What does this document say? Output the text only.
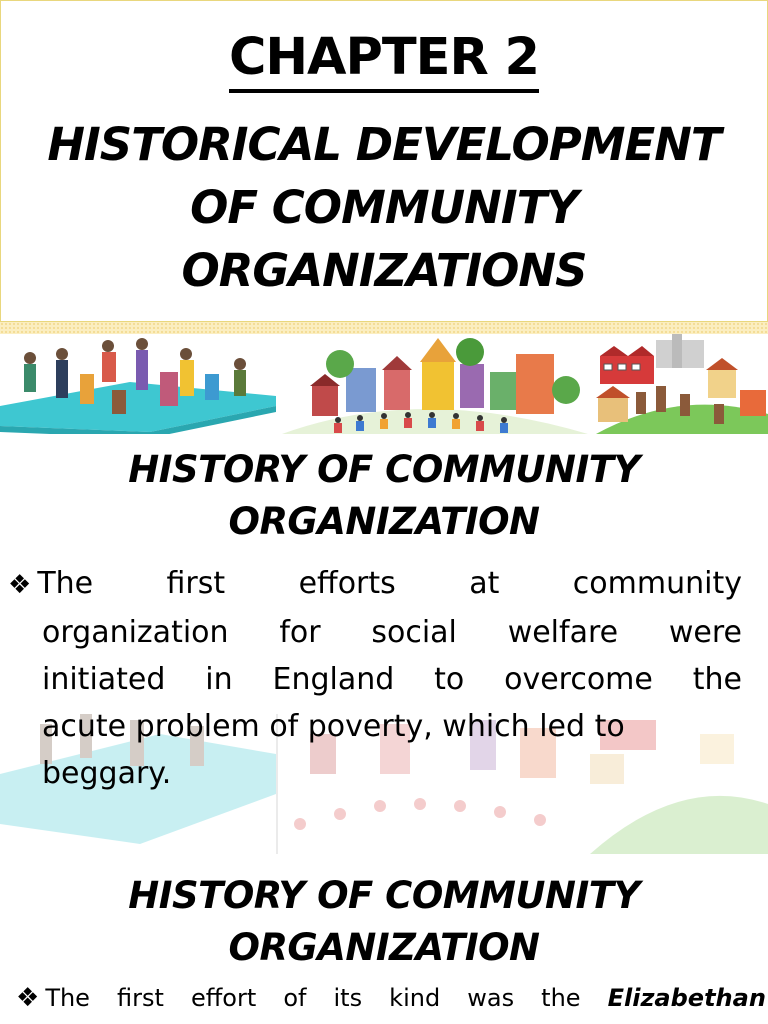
CHAPTER 2
HISTORICAL DEVELOPMENT
OF COMMUNITY
ORGANIZATIONS
HISTORY OF COMMUNITY
ORGANIZATION
❖ The first efforts at community
organization for social welfare were
initiated in England to overcome the
acute problem of poverty, which led to
beggary.
HISTORY OF COMMUNITY
ORGANIZATION
❖ The first effort of its kind was the Elizabethan
